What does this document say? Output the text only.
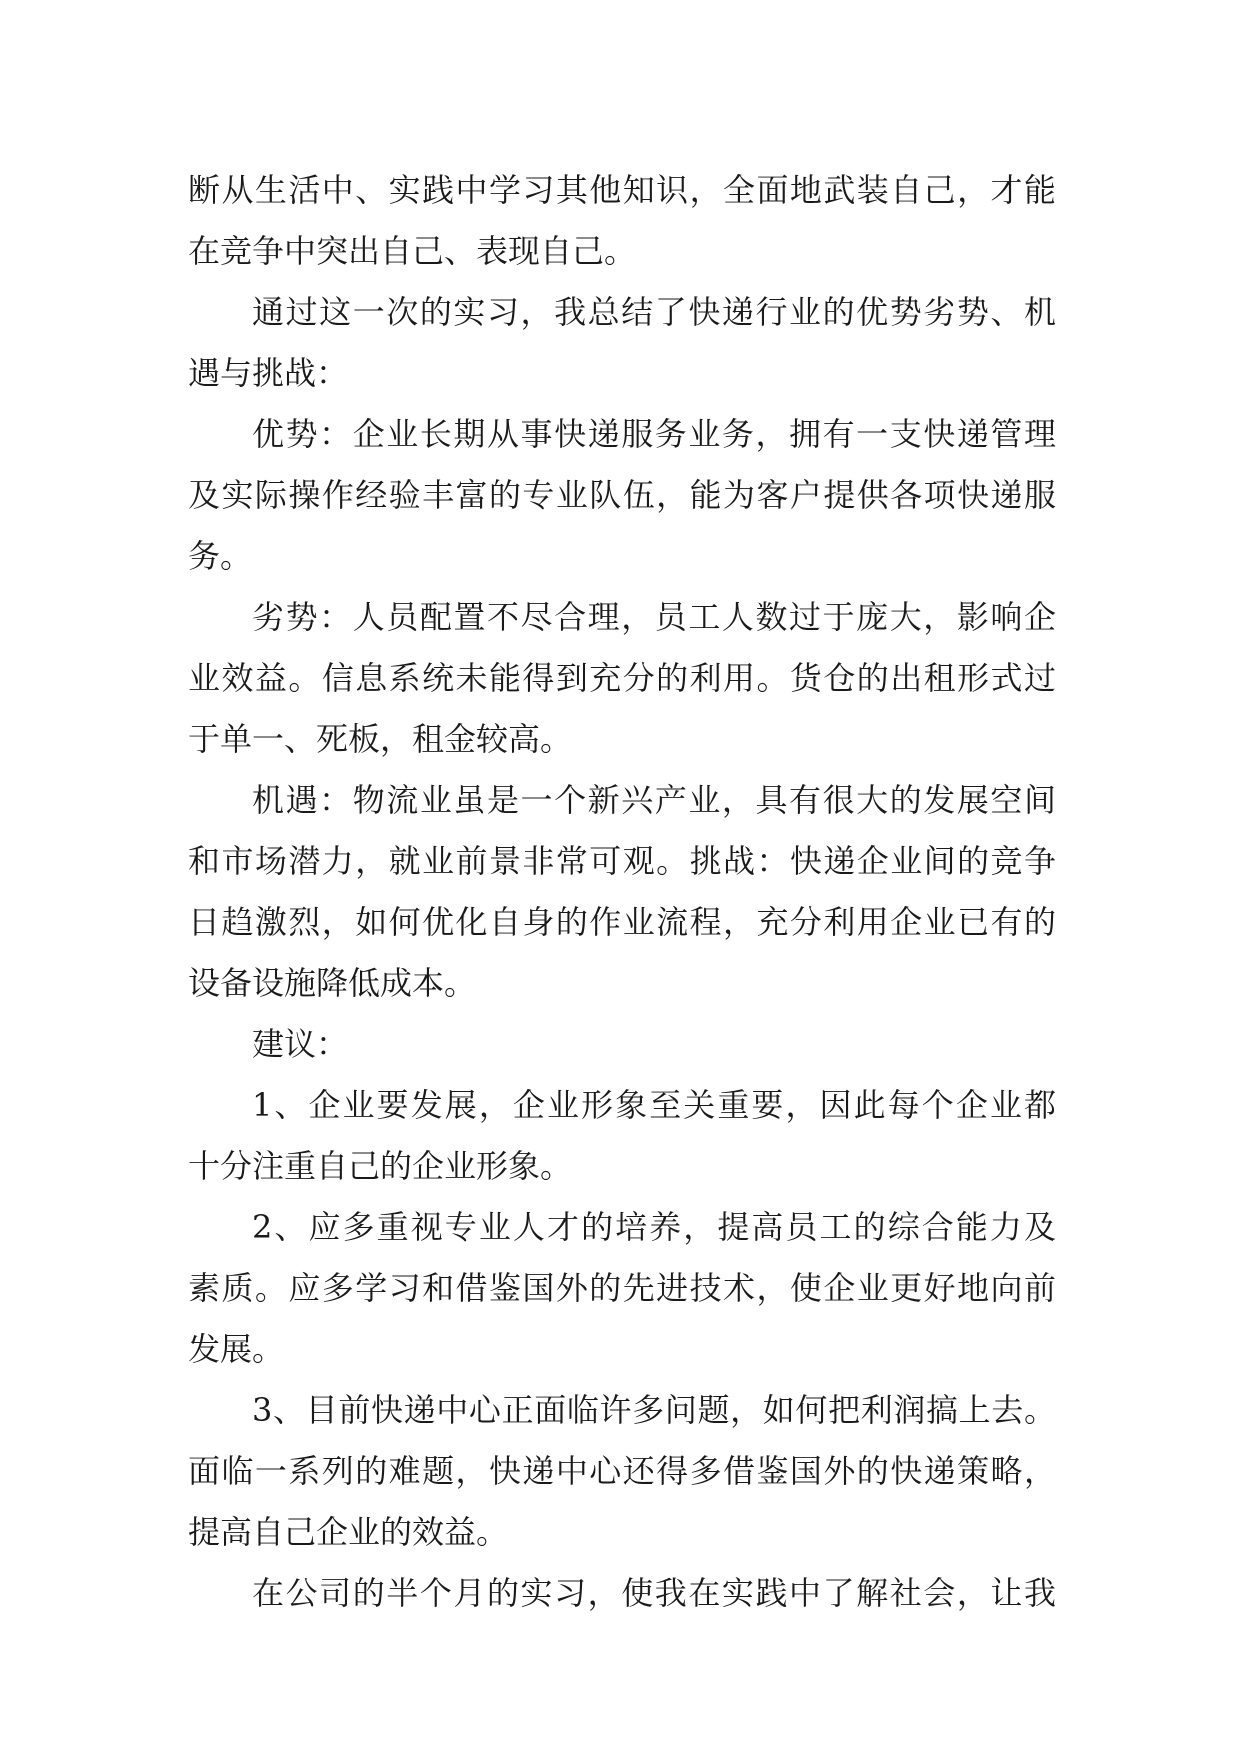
断从生活中、实践中学习其他知识，全面地武装自己，才能
在竞争中突出自己、表现自己。
通过这一次的实习，我总结了快递行业的优势劣势、机
遇与挑战：
优势：企业长期从事快递服务业务，拥有一支快递管理
及实际操作经验丰富的专业队伍，能为客户提供各项快递服
务。
劣势：人员配置不尽合理，员工人数过于庞大，影响企
业效益。信息系统未能得到充分的利用。货仓的出租形式过
于单一、死板，租金较高。
机遇：物流业虽是一个新兴产业，具有很大的发展空间
和市场潜力，就业前景非常可观。挑战：快递企业间的竞争
日趋激烈，如何优化自身的作业流程，充分利用企业已有的
设备设施降低成本。
建议：
1、企业要发展，企业形象至关重要，因此每个企业都
十分注重自己的企业形象。
2、应多重视专业人才的培养，提高员工的综合能力及
素质。应多学习和借鉴国外的先进技术，使企业更好地向前
发展。
3、目前快递中心正面临许多问题，如何把利润搞上去。
面临一系列的难题，快递中心还得多借鉴国外的快递策略，
提高自己企业的效益。
在公司的半个月的实习，使我在实践中了解社会，让我
